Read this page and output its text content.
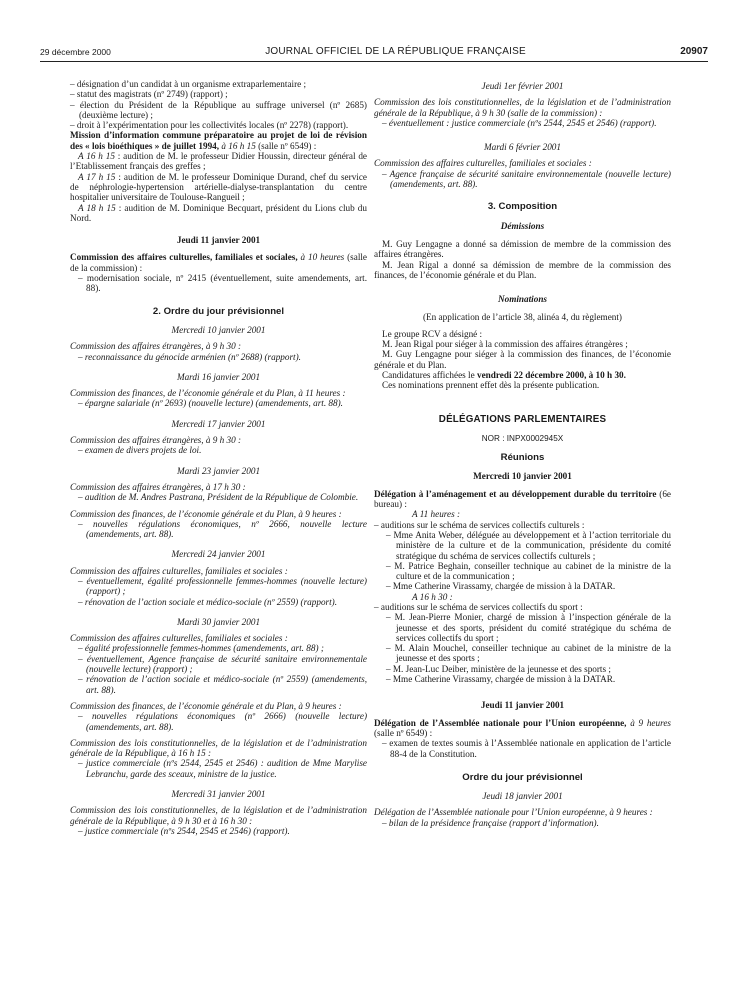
29 décembre 2000	JOURNAL OFFICIEL DE LA RÉPUBLIQUE FRANÇAISE	20907

– désignation d’un candidat à un organisme extraparlementaire ;

– statut des magistrats (nº 2749) (rapport) ;

– élection du Président de la République au suffrage universel (nº 2685) (deuxième lecture) ;

– droit à l’expérimentation pour les collectivités locales (nº 2278) (rapport).

Mission d’information commune préparatoire au projet de loi de révision des « lois bioéthiques » de juillet 1994, à 16 h 15 (salle nº 6549) :

A 16 h 15 : audition de M. le professeur Didier Houssin, directeur général de l’Etablissement français des greffes ;

A 17 h 15 : audition de M. le professeur Dominique Durand, chef du service de néphrologie-hypertension artérielle-dialyse-transplantation du centre hospitalier universitaire de Toulouse-Rangueil ;

A 18 h 15 : audition de M. Dominique Becquart, président du Lions club du Nord.

Jeudi 11 janvier 2001

Commission des affaires culturelles, familiales et sociales, à 10 heures (salle de la commission) :

– modernisation sociale, nº 2415 (éventuellement, suite amendements, art. 88).

2. Ordre du jour prévisionnel

Mercredi 10 janvier 2001

Commission des affaires étrangères, à 9 h 30 :

– reconnaissance du génocide arménien (nº 2688) (rapport).

Mardi 16 janvier 2001

Commission des finances, de l’économie générale et du Plan, à 11 heures :

– épargne salariale (nº 2693) (nouvelle lecture) (amendements, art. 88).

Mercredi 17 janvier 2001

Commission des affaires étrangères, à 9 h 30 :

– examen de divers projets de loi.

Mardi 23 janvier 2001

Commission des affaires étrangères, à 17 h 30 :

– audition de M. Andres Pastrana, Président de la République de Colombie.

Commission des finances, de l’économie générale et du Plan, à 9 heures :

– nouvelles régulations économiques, nº 2666, nouvelle lecture (amendements, art. 88).

Mercredi 24 janvier 2001

Commission des affaires culturelles, familiales et sociales :

– éventuellement, égalité professionnelle femmes-hommes (nouvelle lecture) (rapport) ;

– rénovation de l’action sociale et médico-sociale (nº 2559) (rapport).

Mardi 30 janvier 2001

Commission des affaires culturelles, familiales et sociales :

– égalité professionnelle femmes-hommes (amendements, art. 88) ;

– éventuellement, Agence française de sécurité sanitaire environnementale (nouvelle lecture) (rapport) ;

– rénovation de l’action sociale et médico-sociale (nº 2559) (amendements, art. 88).

Commission des finances, de l’économie générale et du Plan, à 9 heures :

– nouvelles régulations économiques (nº 2666) (nouvelle lecture) (amendements, art. 88).

Commission des lois constitutionnelles, de la législation et de l’administration générale de la République, à 16 h 15 :

– justice commerciale (nºs 2544, 2545 et 2546) : audition de Mme Marylise Lebranchu, garde des sceaux, ministre de la justice.

Mercredi 31 janvier 2001

Commission des lois constitutionnelles, de la législation et de l’administration générale de la République, à 9 h 30 et à 16 h 30 :

– justice commerciale (nºs 2544, 2545 et 2546) (rapport).

Jeudi 1er février 2001

Commission des lois constitutionnelles, de la législation et de l’administration générale de la République, à 9 h 30 (salle de la commission) :

– éventuellement : justice commerciale (nºs 2544, 2545 et 2546) (rapport).

Mardi 6 février 2001

Commission des affaires culturelles, familiales et sociales :

– Agence française de sécurité sanitaire environnementale (nouvelle lecture) (amendements, art. 88).

3. Composition

Démissions

M. Guy Lengagne a donné sa démission de membre de la commission des affaires étrangères.

M. Jean Rigal a donné sa démission de membre de la commission des finances, de l’économie générale et du Plan.

Nominations

(En application de l’article 38, alinéa 4, du règlement)

Le groupe RCV a désigné :

M. Jean Rigal pour siéger à la commission des affaires étrangères ;

M. Guy Lengagne pour siéger à la commission des finances, de l’économie générale et du Plan.

Candidatures affichées le vendredi 22 décembre 2000, à 10 h 30.

Ces nominations prennent effet dès la présente publication.

DÉLÉGATIONS PARLEMENTAIRES

NOR : INPX0002945X

Réunions

Mercredi 10 janvier 2001

Délégation à l’aménagement et au développement durable du territoire (6e bureau) :

A 11 heures :

– auditions sur le schéma de services collectifs culturels :

– Mme Anita Weber, déléguée au développement et à l’action territoriale du ministère de la culture et de la communication, présidente du comité stratégique du schéma de services collectifs culturels ;

– M. Patrice Beghain, conseiller technique au cabinet de la ministre de la culture et de la communication ;

– Mme Catherine Virassamy, chargée de mission à la DATAR.

A 16 h 30 :

– auditions sur le schéma de services collectifs du sport :

– M. Jean-Pierre Monier, chargé de mission à l’inspection générale de la jeunesse et des sports, président du comité stratégique du schéma de services collectifs du sport ;

– M. Alain Mouchel, conseiller technique au cabinet de la ministre de la jeunesse et des sports ;

– M. Jean-Luc Deiber, ministère de la jeunesse et des sports ;

– Mme Catherine Virassamy, chargée de mission à la DATAR.

Jeudi 11 janvier 2001

Délégation de l’Assemblée nationale pour l’Union européenne, à 9 heures (salle nº 6549) :

– examen de textes soumis à l’Assemblée nationale en application de l’article 88-4 de la Constitution.

Ordre du jour prévisionnel

Jeudi 18 janvier 2001

Délégation de l’Assemblée nationale pour l’Union européenne, à 9 heures :

– bilan de la présidence française (rapport d’information).
